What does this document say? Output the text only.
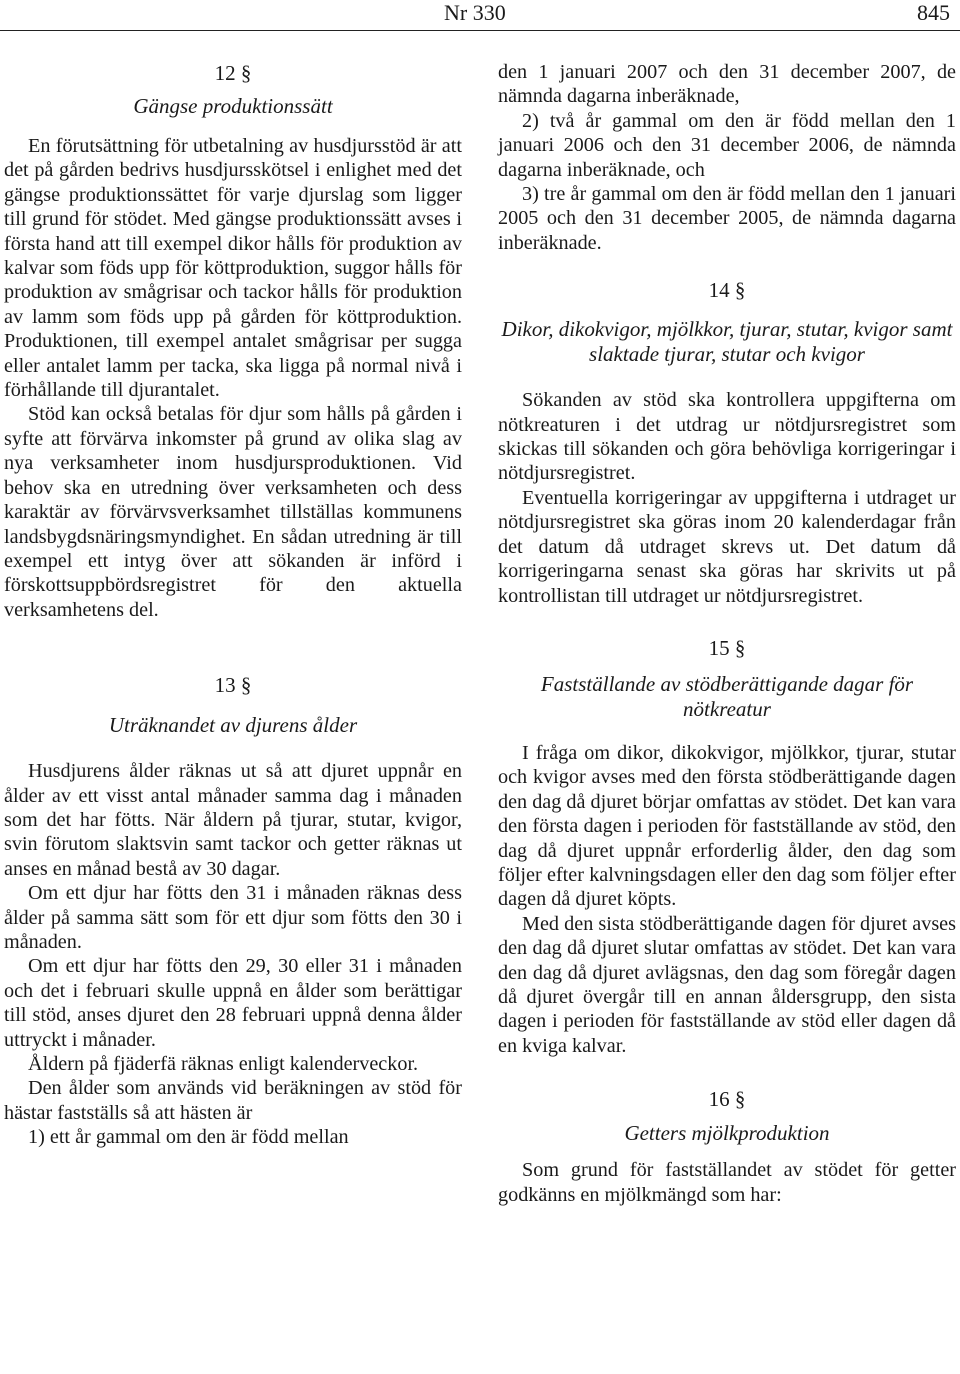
Nr 330	845
12 §
Gängse produktionssätt

En förutsättning för utbetalning av husdjursstöd är att det på gården bedrivs husdjursskötsel i enlighet med det gängse produktionssättet för varje djurslag som ligger till grund för stödet. Med gängse produktionssätt avses i första hand att till exempel dikor hålls för produktion av kalvar som föds upp för köttproduktion, suggor hålls för produktion av smågrisar och tackor hålls för produktion av lamm som föds upp på gården för köttproduktion. Produktionen, till exempel antalet smågrisar per sugga eller antalet lamm per tacka, ska ligga på normal nivå i förhållande till djurantalet.

Stöd kan också betalas för djur som hålls på gården i syfte att förvärva inkomster på grund av olika slag av nya verksamheter inom husdjursproduktionen. Vid behov ska en utredning över verksamheten och dess karaktär av förvärvsverksamhet tillställas kommunens landsbygdsnäringsmyndighet. En sådan utredning är till exempel ett intyg över att sökanden är införd i förskottsuppbördsregistret för den aktuella verksamhetens del.

13 §
Uträknandet av djurens ålder

Husdjurens ålder räknas ut så att djuret uppnår en ålder av ett visst antal månader samma dag i månaden som det har fötts. När åldern på tjurar, stutar, kvigor, svin förutom slaktsvin samt tackor och getter räknas ut anses en månad bestå av 30 dagar.

Om ett djur har fötts den 31 i månaden räknas dess ålder på samma sätt som för ett djur som fötts den 30 i månaden.

Om ett djur har fötts den 29, 30 eller 31 i månaden och det i februari skulle uppnå en ålder som berättigar till stöd, anses djuret den 28 februari uppnå denna ålder uttryckt i månader.

Åldern på fjäderfä räknas enligt kalenderveckor.

Den ålder som används vid beräkningen av stöd för hästar fastställs så att hästen är

1) ett år gammal om den är född mellan

den 1 januari 2007 och den 31 december 2007, de nämnda dagarna inberäknade,

2) två år gammal om den är född mellan den 1 januari 2006 och den 31 december 2006, de nämnda dagarna inberäknade, och

3) tre år gammal om den är född mellan den 1 januari 2005 och den 31 december 2005, de nämnda dagarna inberäknade.

14 §
Dikor, dikokvigor, mjölkkor, tjurar, stutar, kvigor samt slaktade tjurar, stutar och kvigor

Sökanden av stöd ska kontrollera uppgifterna om nötkreaturen i det utdrag ur nötdjursregistret som skickas till sökanden och göra behövliga korrigeringar i nötdjursregistret.

Eventuella korrigeringar av uppgifterna i utdraget ur nötdjursregistret ska göras inom 20 kalenderdagar från det datum då utdraget skrevs ut. Det datum då korrigeringarna senast ska göras har skrivits ut på kontrollistan till utdraget ur nötdjursregistret.

15 §
Fastställande av stödberättigande dagar för nötkreatur

I fråga om dikor, dikokvigor, mjölkkor, tjurar, stutar och kvigor avses med den första stödberättigande dagen den dag då djuret börjar omfattas av stödet. Det kan vara den första dagen i perioden för fastställande av stöd, den dag då djuret uppnår erforderlig ålder, den dag som följer efter kalvningsdagen eller den dag som följer efter dagen då djuret köpts.

Med den sista stödberättigande dagen för djuret avses den dag då djuret slutar omfattas av stödet. Det kan vara den dag då djuret avlägsnas, den dag som föregår dagen då djuret övergår till en annan åldersgrupp, den sista dagen i perioden för fastställande av stöd eller dagen då en kviga kalvar.

16 §
Getters mjölkproduktion

Som grund för fastställandet av stödet för getter godkänns en mjölkmängd som har:
